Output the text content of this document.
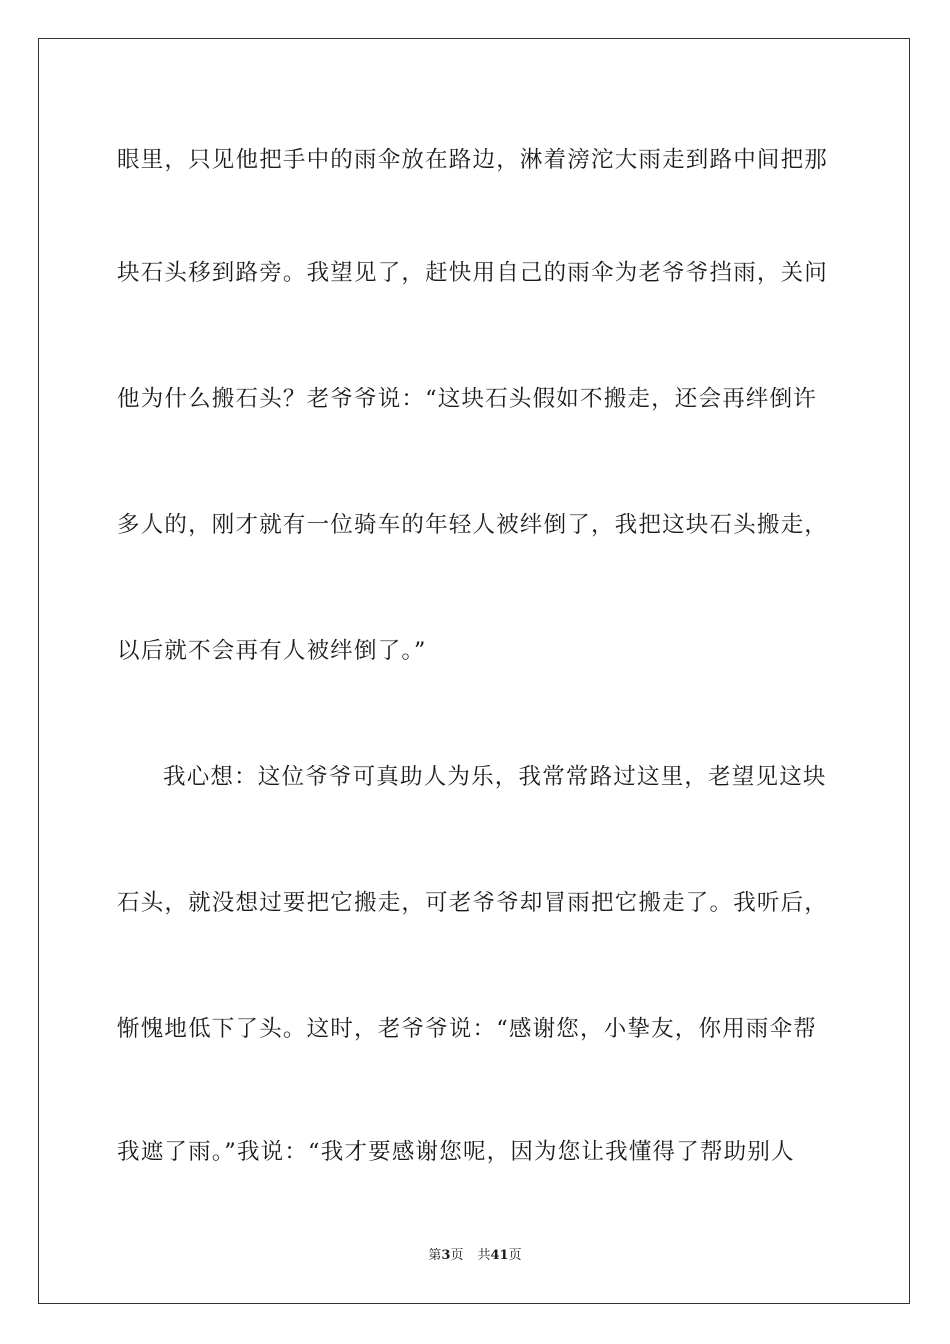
眼里，只见他把手中的雨伞放在路边，淋着滂沱大雨走到路中间把那
块石头移到路旁。我望见了，赶快用自己的雨伞为老爷爷挡雨，关问
他为什么搬石头？老爷爷说：“这块石头假如不搬走，还会再绊倒许
多人的，刚才就有一位骑车的年轻人被绊倒了，我把这块石头搬走，
以后就不会再有人被绊倒了。”
我心想：这位爷爷可真助人为乐，我常常路过这里，老望见这块
石头，就没想过要把它搬走，可老爷爷却冒雨把它搬走了。我听后，
惭愧地低下了头。这时，老爷爷说：“感谢您，小挚友，你用雨伞帮
我遮了雨。”我说：“我才要感谢您呢，因为您让我懂得了帮助别人
第3页 共41页
